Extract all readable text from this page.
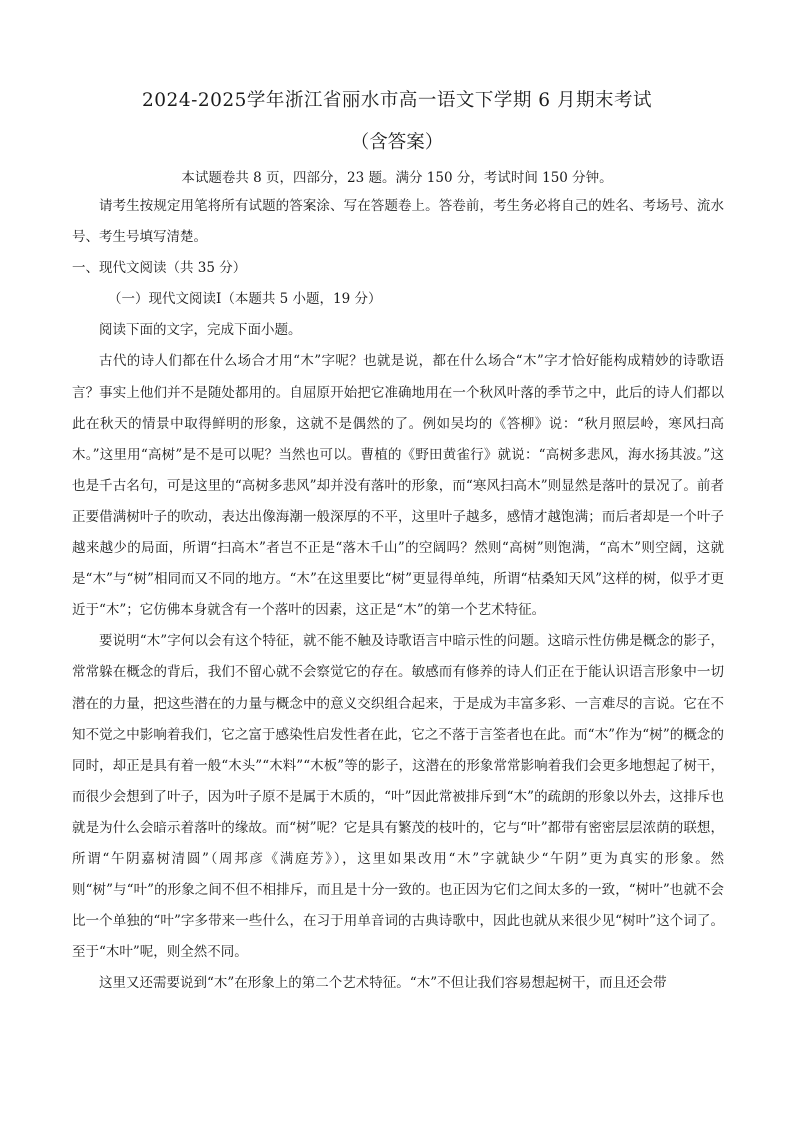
2024-2025学年浙江省丽水市高一语文下学期 6 月期末考试
（含答案）
本试题卷共 8 页，四部分，23 题。满分 150 分，考试时间 150 分钟。

请考生按规定用笔将所有试题的答案涂、写在答题卷上。答卷前，考生务必将自己的姓名、考场号、流水号、考生号填写清楚。

一、现代文阅读（共 35 分）

（一）现代文阅读Ⅰ（本题共 5 小题，19 分）

阅读下面的文字，完成下面小题。

古代的诗人们都在什么场合才用“木”字呢？也就是说，都在什么场合“木”字才恰好能构成精妙的诗歌语言？事实上他们并不是随处都用的。自屈原开始把它准确地用在一个秋风叶落的季节之中，此后的诗人们都以此在秋天的情景中取得鲜明的形象，这就不是偶然的了。例如吴均的《答柳》说：“秋月照层岭，寒风扫高木。”这里用“高树”是不是可以呢？当然也可以。曹植的《野田黄雀行》就说：“高树多悲风，海水扬其波。”这也是千古名句，可是这里的“高树多悲风”却并没有落叶的形象，而“寒风扫高木”则显然是落叶的景况了。前者正要借满树叶子的吹动，表达出像海潮一般深厚的不平，这里叶子越多，感情才越饱满；而后者却是一个叶子越来越少的局面，所谓“扫高木”者岂不正是“落木千山”的空阔吗？然则“高树”则饱满，“高木”则空阔，这就是“木”与“树”相同而又不同的地方。“木”在这里要比“树”更显得单纯，所谓“枯桑知天风”这样的树，似乎才更近于“木”；它仿佛本身就含有一个落叶的因素，这正是“木”的第一个艺术特征。

要说明“木”字何以会有这个特征，就不能不触及诗歌语言中暗示性的问题。这暗示性仿佛是概念的影子，常常躲在概念的背后，我们不留心就不会察觉它的存在。敏感而有修养的诗人们正在于能认识语言形象中一切潜在的力量，把这些潜在的力量与概念中的意义交织组合起来，于是成为丰富多彩、一言难尽的言说。它在不知不觉之中影响着我们，它之富于感染性启发性者在此，它之不落于言筌者也在此。而“木”作为“树”的概念的同时，却正是具有着一般“木头”“木料”“木板”等的影子，这潜在的形象常常影响着我们会更多地想起了树干，而很少会想到了叶子，因为叶子原不是属于木质的，“叶”因此常被排斥到“木”的疏朗的形象以外去，这排斥也就是为什么会暗示着落叶的缘故。而“树”呢？它是具有繁茂的枝叶的，它与“叶”都带有密密层层浓荫的联想，所谓“午阴嘉树清圆”（周邦彦《满庭芳》），这里如果改用“木”字就缺少“午阴”更为真实的形象。然则“树”与“叶”的形象之间不但不相排斥，而且是十分一致的。也正因为它们之间太多的一致，“树叶”也就不会比一个单独的“叶”字多带来一些什么，在习于用单音词的古典诗歌中，因此也就从来很少见“树叶”这个词了。至于“木叶”呢，则全然不同。

这里又还需要说到“木”在形象上的第二个艺术特征。“木”不但让我们容易想起树干，而且还会带
